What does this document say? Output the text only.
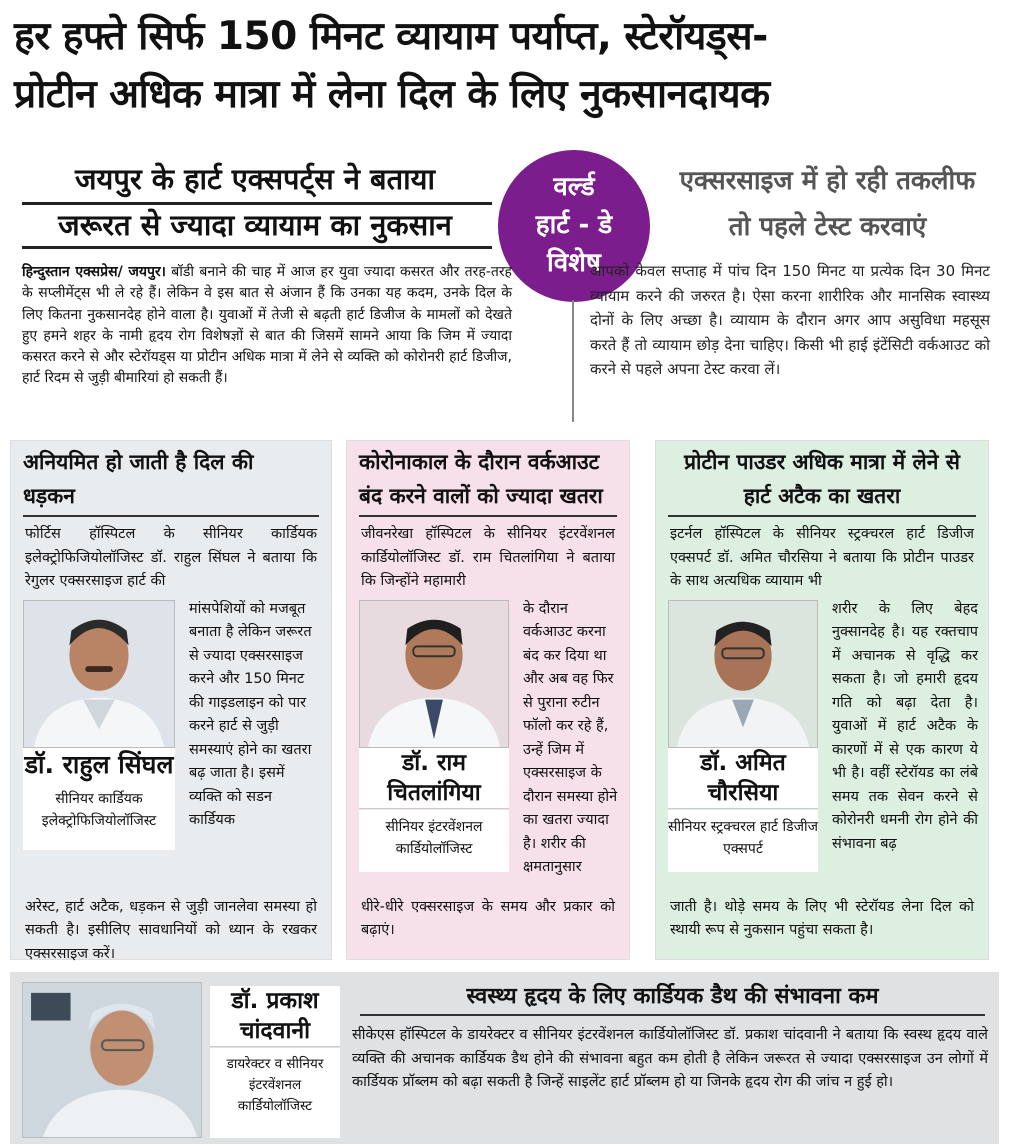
हर हफ्ते सिर्फ 150 मिनट व्यायाम पर्याप्त, स्टेरॉयड्स-
प्रोटीन अधिक मात्रा में लेना दिल के लिए नुकसानदायक
जयपुर के हार्ट एक्सपर्ट्स ने बताया
जरूरत से ज्यादा व्यायाम का नुकसान
वर्ल्ड
हार्ट - डे
विशेष
एक्सरसाइज में हो रही तकलीफ
तो पहले टेस्ट करवाएं
हिन्दुस्तान एक्सप्रेस/ जयपुर। बॉडी बनाने की चाह में आज हर युवा ज्यादा कसरत और तरह-तरह के सप्लीमेंट्स भी ले रहे हैं। लेकिन वे इस बात से अंजान हैं कि उनका यह कदम, उनके दिल के लिए कितना नुकसानदेह होने वाला है। युवाओं में तेजी से बढ़ती हार्ट डिजीज के मामलों को देखते हुए हमने शहर के नामी हृदय रोग विशेषज्ञों से बात की जिसमें सामने आया कि जिम में ज्यादा कसरत करने से और स्टेरॉयड्स या प्रोटीन अधिक मात्रा में लेने से व्यक्ति को कोरोनरी हार्ट डिजीज, हार्ट रिदम से जुड़ी बीमारियां हो सकती हैं।
आपको केवल सप्ताह में पांच दिन 150 मिनट या प्रत्येक दिन 30 मिनट व्यायाम करने की जरुरत है। ऐसा करना शारीरिक और मानसिक स्वास्थ्य दोनों के लिए अच्छा है। व्यायाम के दौरान अगर आप असुविधा महसूस करते हैं तो व्यायाम छोड़ देना चाहिए। किसी भी हाई इंटेंसिटी वर्कआउट को करने से पहले अपना टेस्ट करवा लें।
अनियमित हो जाती है दिल की
धड़कन
फोर्टिस हॉस्पिटल के सीनियर कार्डियक इलेक्ट्रोफिजियोलॉजिस्ट डॉ. राहुल सिंघल ने बताया कि रेगुलर एक्सरसाइज हार्ट की
डॉ. राहुल सिंघल
सीनियर कार्डियक इलेक्ट्रोफिजियोलॉजिस्ट
मांसपेशियों को मजबूत बनाता है लेकिन जरूरत से ज्यादा एक्सरसाइज करने और 150 मिनट की गाइडलाइन को पार करने हार्ट से जुड़ी समस्याएं होने का खतरा बढ़ जाता है। इसमें व्यक्ति को सडन कार्डियक
अरेस्ट, हार्ट अटैक, धड़कन से जुड़ी जानलेवा समस्या हो सकती है। इसीलिए सावधानियों को ध्यान के रखकर एक्सरसाइज करें।
कोरोनाकाल के दौरान वर्कआउट
बंद करने वालों को ज्यादा खतरा
जीवनरेखा हॉस्पिटल के सीनियर इंटरवेंशनल कार्डियोलॉजिस्ट डॉ. राम चितलांगिया ने बताया कि जिन्होंने महामारी
डॉ. राम
चितलांगिया
सीनियर इंटरवेंशनल कार्डियोलॉजिस्ट
के दौरान वर्कआउट करना बंद कर दिया था और अब वह फिर से पुराना रुटीन फॉलो कर रहे हैं, उन्हें जिम में एक्सरसाइज के दौरान समस्या होने का खतरा ज्यादा है। शरीर की क्षमतानुसार
धीरे-धीरे एक्सरसाइज के समय और प्रकार को बढ़ाएं।
प्रोटीन पाउडर अधिक मात्रा में लेने से
हार्ट अटैक का खतरा
इटर्नल हॉस्पिटल के सीनियर स्ट्रक्चरल हार्ट डिजीज एक्सपर्ट डॉ. अमित चौरसिया ने बताया कि प्रोटीन पाउडर के साथ अत्यधिक व्यायाम भी
डॉ. अमित
चौरसिया
सीनियर स्ट्रक्चरल हार्ट डिजीज एक्सपर्ट
शरीर के लिए बेहद नुक्सानदेह है। यह रक्तचाप में अचानक से वृद्धि कर सकता है। जो हमारी हृदय गति को बढ़ा देता है। युवाओं में हार्ट अटैक के कारणों में से एक कारण ये भी है। वहीं स्टेरॉयड का लंबे समय तक सेवन करने से कोरोनरी धमनी रोग होने की संभावना बढ़
जाती है। थोड़े समय के लिए भी स्टेरॉयड लेना दिल को स्थायी रूप से नुकसान पहुंचा सकता है।
डॉ. प्रकाश
चांदवानी
डायरेक्टर व सीनियर इंटरवेंशनल कार्डियोलॉजिस्ट
स्वस्थ्य हृदय के लिए कार्डियक डैथ की संभावना कम
सीकेएस हॉस्पिटल के डायरेक्टर व सीनियर इंटरवेंशनल कार्डियोलॉजिस्ट डॉ. प्रकाश चांदवानी ने बताया कि स्वस्थ हृदय वाले व्यक्ति की अचानक कार्डियक डैथ होने की संभावना बहुत कम होती है लेकिन जरूरत से ज्यादा एक्सरसाइज उन लोगों में कार्डियक प्रॉब्लम को बढ़ा सकती है जिन्हें साइलेंट हार्ट प्रॉब्लम हो या जिनके हृदय रोग की जांच न हुई हो।
